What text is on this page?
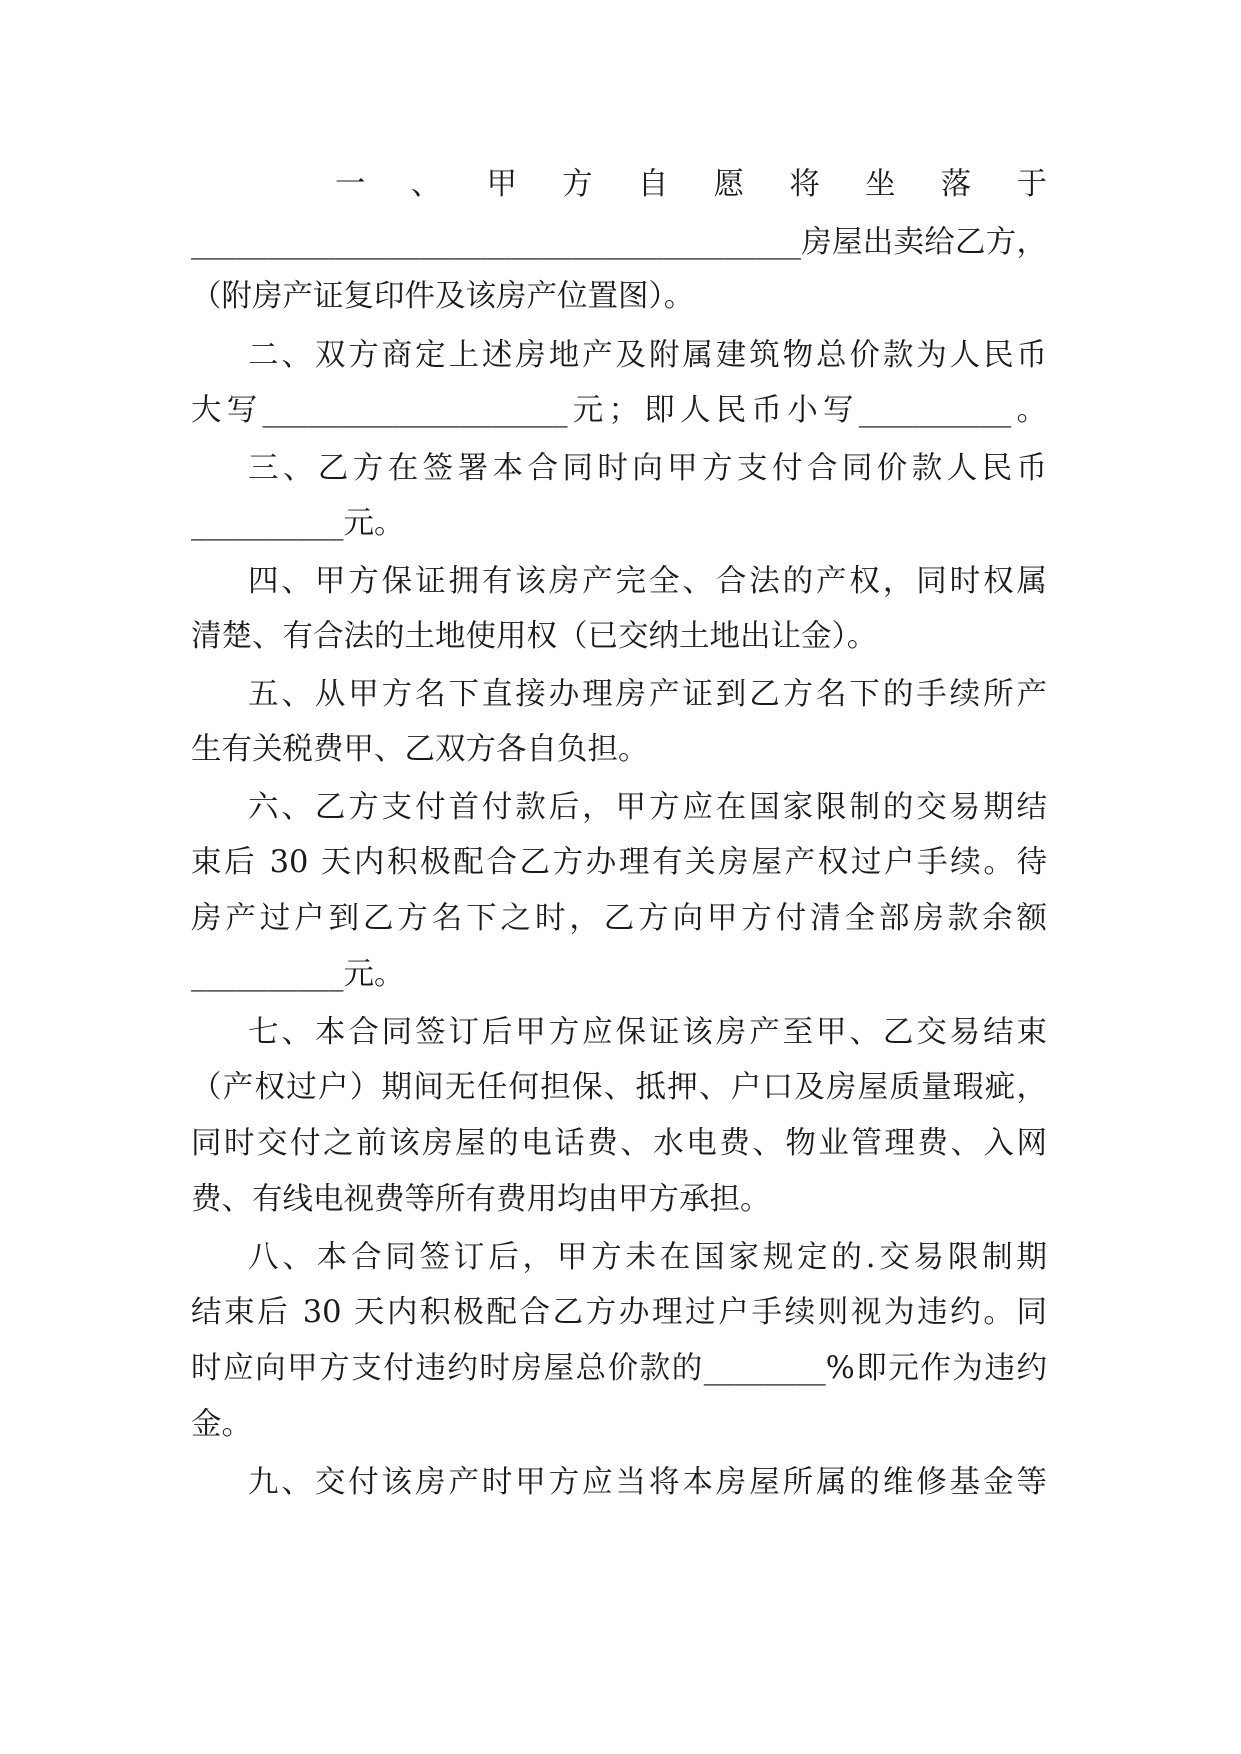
一 、 甲 方 自 愿 将 坐 落 于
________________________________________房屋出卖给乙方，
（附房产证复印件及该房产位置图）。
二、双方商定上述房地产及附属建筑物总价款为人民币
大写____________________元；即人民币小写__________。
三、乙方在签署本合同时向甲方支付合同价款人民币
__________元。
四、甲方保证拥有该房产完全、合法的产权，同时权属
清楚、有合法的土地使用权（已交纳土地出让金）。
五、从甲方名下直接办理房产证到乙方名下的手续所产
生有关税费甲、乙双方各自负担。
六、乙方支付首付款后，甲方应在国家限制的交易期结
束后 30 天内积极配合乙方办理有关房屋产权过户手续。待
房产过户到乙方名下之时，乙方向甲方付清全部房款余额
__________元。
七、本合同签订后甲方应保证该房产至甲、乙交易结束
（产权过户）期间无任何担保、抵押、户口及房屋质量瑕疵，
同时交付之前该房屋的电话费、水电费、物业管理费、入网
费、有线电视费等所有费用均由甲方承担。
八、本合同签订后，甲方未在国家规定的.交易限制期
结束后 30 天内积极配合乙方办理过户手续则视为违约。同
时应向甲方支付违约时房屋总价款的________%即元作为违约
金。
九、交付该房产时甲方应当将本房屋所属的维修基金等
